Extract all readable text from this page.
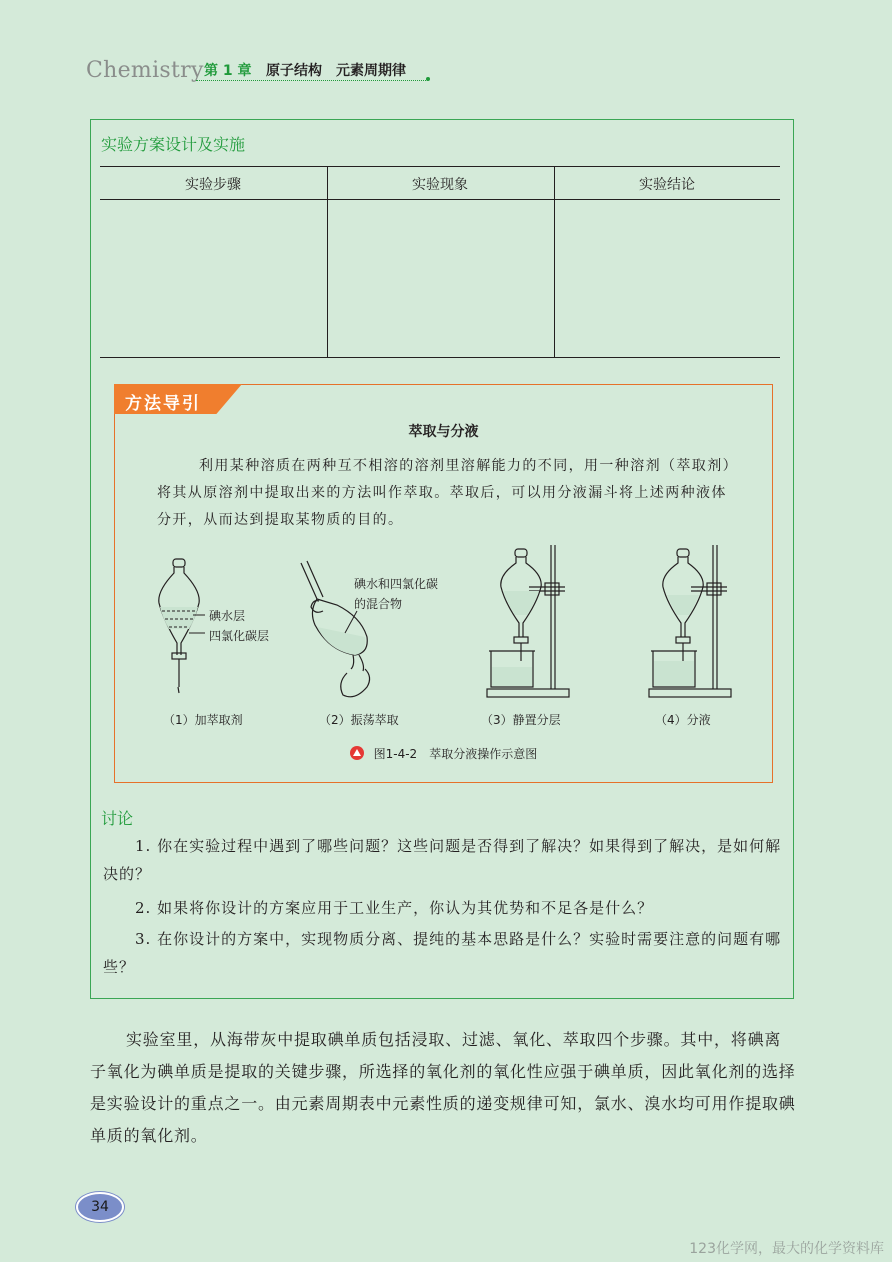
Chemistry 第 1 章 原子结构　元素周期律
实验方案设计及实施
实验步骤	实验现象	实验结论
方法导引
萃取与分液

利用某种溶质在两种互不相溶的溶剂里溶解能力的不同，用一种溶剂（萃取剂）将其从原溶剂中提取出来的方法叫作萃取。萃取后，可以用分液漏斗将上述两种液体分开，从而达到提取某物质的目的。

碘水层
四氯化碳层
碘水和四氯化碳
的混合物
（1）加萃取剂	（2）振荡萃取	（3）静置分层	（4）分液
图1-4-2　萃取分液操作示意图
讨论

1. 你在实验过程中遇到了哪些问题？这些问题是否得到了解决？如果得到了解决，是如何解决的？

2. 如果将你设计的方案应用于工业生产，你认为其优势和不足各是什么？

3. 在你设计的方案中，实现物质分离、提纯的基本思路是什么？实验时需要注意的问题有哪些？

实验室里，从海带灰中提取碘单质包括浸取、过滤、氧化、萃取四个步骤。其中，将碘离子氧化为碘单质是提取的关键步骤，所选择的氧化剂的氧化性应强于碘单质，因此氧化剂的选择是实验设计的重点之一。由元素周期表中元素性质的递变规律可知，氯水、溴水均可用作提取碘单质的氧化剂。

34
123化学网，最大的化学资料库
